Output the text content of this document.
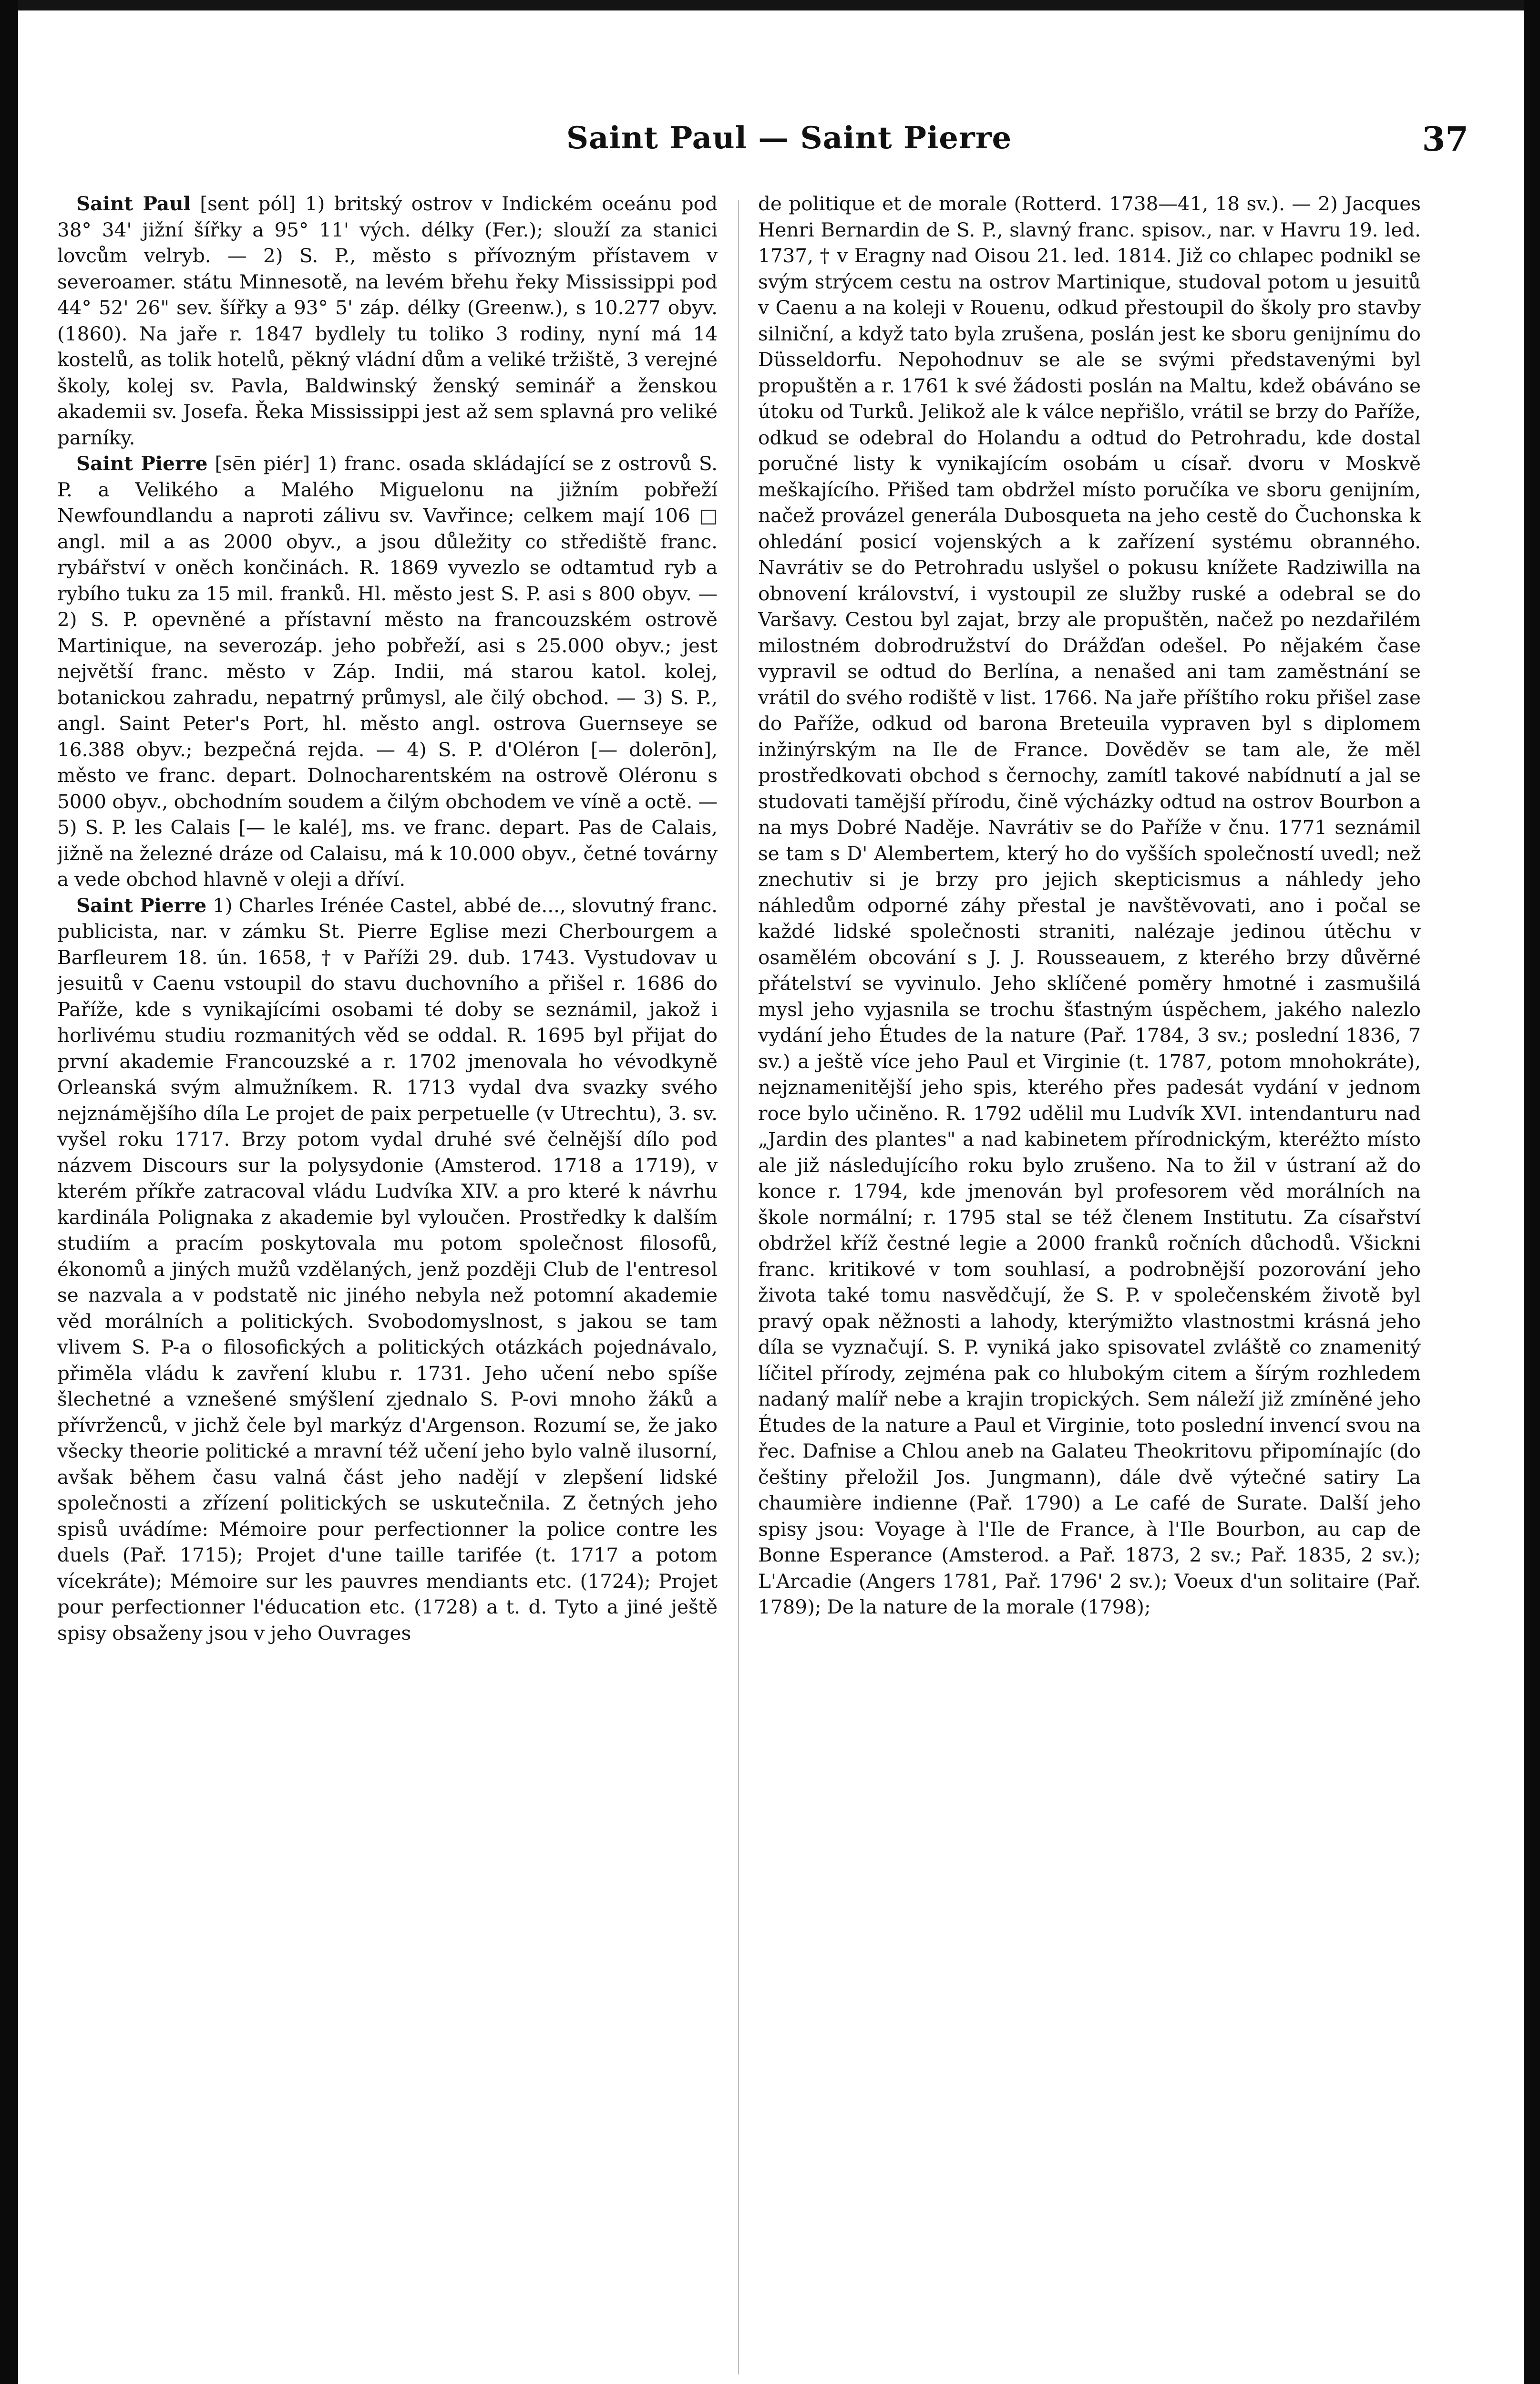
Saint Paul — Saint Pierre	37

Saint Paul [sent pól] 1) britský ostrov v Indickém oceánu pod 38° 34' jižní šířky a 95° 11' vých. délky (Fer.); slouží za stanici lovcům velryb. — 2) S. P., město s přívozným přístavem v severoamer. státu Minnesotě, na levém břehu řeky Mississippi pod 44° 52' 26" sev. šířky a 93° 5' záp. délky (Greenw.), s 10.277 obyv. (1860). Na jaře r. 1847 bydlely tu toliko 3 rodiny, nyní má 14 kostelů, as tolik hotelů, pěkný vládní dům a veliké tržiště, 3 verejné školy, kolej sv. Pavla, Baldwinský ženský seminář a ženskou akademii sv. Josefa. Řeka Mississippi jest až sem splavná pro veliké parníky.

Saint Pierre [sēn piér] 1) franc. osada skládající se z ostrovů S. P. a Velikého a Malého Miguelonu na jižním pobřeží Newfoundlandu a naproti zálivu sv. Vavřince; celkem mají 106 □ angl. mil a as 2000 obyv., a jsou důležity co střediště franc. rybářství v oněch končinách. R. 1869 vyvezlo se odtamtud ryb a rybího tuku za 15 mil. franků. Hl. město jest S. P. asi s 800 obyv. — 2) S. P. opevněné a přístavní město na francouzském ostrově Martinique, na severozáp. jeho pobřeží, asi s 25.000 obyv.; jest největší franc. město v Záp. Indii, má starou katol. kolej, botanickou zahradu, nepatrný průmysl, ale čilý obchod. — 3) S. P., angl. Saint Peter's Port, hl. město angl. ostrova Guernseye se 16.388 obyv.; bezpečná rejda. — 4) S. P. d'Oléron [— dolerōn], město ve franc. depart. Dolnocharentském na ostrově Oléronu s 5000 obyv., obchodním soudem a čilým obchodem ve víně a octě. — 5) S. P. les Calais [— le kalé], ms. ve franc. depart. Pas de Calais, jižně na železné dráze od Calaisu, má k 10.000 obyv., četné továrny a vede obchod hlavně v oleji a dříví.

Saint Pierre 1) Charles Irénée Castel, abbé de..., slovutný franc. publicista, nar. v zámku St. Pierre Eglise mezi Cherbourgem a Barfleurem 18. ún. 1658, † v Paříži 29. dub. 1743. Vystudovav u jesuitů v Caenu vstoupil do stavu duchovního a přišel r. 1686 do Paříže, kde s vynikajícími osobami té doby se seznámil, jakož i horlivému studiu rozmanitých věd se oddal. R. 1695 byl přijat do první akademie Francouzské a r. 1702 jmenovala ho vévodkyně Orleanská svým almužníkem. R. 1713 vydal dva svazky svého nejznámějšího díla Le projet de paix perpetuelle (v Utrechtu), 3. sv. vyšel roku 1717. Brzy potom vydal druhé své čelnější dílo pod názvem Discours sur la polysydonie (Amsterod. 1718 a 1719), v kterém příkře zatracoval vládu Ludvíka XIV. a pro které k návrhu kardinála Polignaka z akademie byl vyloučen. Prostředky k dalším studiím a pracím poskytovala mu potom společnost filosofů, ékonomů a jiných mužů vzdělaných, jenž později Club de l'entresol se nazvala a v podstatě nic jiného nebyla než potomní akademie věd morálních a politických. Svobodomyslnost, s jakou se tam vlivem S. P-a o filosofických a politických otázkách pojednávalo, přiměla vládu k zavření klubu r. 1731. Jeho učení nebo spíše šlechetné a vznešené smýšlení zjednalo S. P-ovi mnoho žáků a přívrženců, v jichž čele byl markýz d'Argenson. Rozumí se, že jako všecky theorie politické a mravní též učení jeho bylo valně ilusorní, avšak během času valná část jeho nadějí v zlepšení lidské společnosti a zřízení politických se uskutečnila. Z četných jeho spisů uvádíme: Mémoire pour perfectionner la police contre les duels (Pař. 1715); Projet d'une taille tarifée (t. 1717 a potom vícekráte); Mémoire sur les pauvres mendiants etc. (1724); Projet pour perfectionner l'éducation etc. (1728) a t. d. Tyto a jiné ještě spisy obsaženy jsou v jeho Ouvrages

de politique et de morale (Rotterd. 1738—41, 18 sv.). — 2) Jacques Henri Bernardin de S. P., slavný franc. spisov., nar. v Havru 19. led. 1737, † v Eragny nad Oisou 21. led. 1814. Již co chlapec podnikl se svým strýcem cestu na ostrov Martinique, studoval potom u jesuitů v Caenu a na koleji v Rouenu, odkud přestoupil do školy pro stavby silniční, a když tato byla zrušena, poslán jest ke sboru genijnímu do Düsseldorfu. Nepohodnuv se ale se svými představenými byl propuštěn a r. 1761 k své žádosti poslán na Maltu, kdež obáváno se útoku od Turků. Jelikož ale k válce nepřišlo, vrátil se brzy do Paříže, odkud se odebral do Holandu a odtud do Petrohradu, kde dostal poručné listy k vynikajícím osobám u císař. dvoru v Moskvě meškajícího. Přišed tam obdržel místo poručíka ve sboru genijním, načež provázel generála Dubosqueta na jeho cestě do Čuchonska k ohledání posicí vojenských a k zařízení systému obranného. Navrátiv se do Petrohradu uslyšel o pokusu knížete Radziwilla na obnovení království, i vystoupil ze služby ruské a odebral se do Varšavy. Cestou byl zajat, brzy ale propuštěn, načež po nezdařilém milostném dobrodružství do Drážďan odešel. Po nějakém čase vypravil se odtud do Berlína, a nenašed ani tam zaměstnání se vrátil do svého rodiště v list. 1766. Na jaře příštího roku přišel zase do Paříže, odkud od barona Breteuila vypraven byl s diplomem inžinýrským na Ile de France. Dověděv se tam ale, že měl prostředkovati obchod s černochy, zamítl takové nabídnutí a jal se studovati tamější přírodu, čině výcházky odtud na ostrov Bourbon a na mys Dobré Naděje. Navrátiv se do Paříže v čnu. 1771 seznámil se tam s D' Alembertem, který ho do vyšších společností uvedl; než znechutiv si je brzy pro jejich skepticismus a náhledy jeho náhledům odporné záhy přestal je navštěvovati, ano i počal se každé lidské společnosti straniti, nalézaje jedinou útěchu v osamělém obcování s J. J. Rousseauem, z kterého brzy důvěrné přátelství se vyvinulo. Jeho sklíčené poměry hmotné i zasmušilá mysl jeho vyjasnila se trochu šťastným úspěchem, jakého nalezlo vydání jeho Études de la nature (Pař. 1784, 3 sv.; poslední 1836, 7 sv.) a ještě více jeho Paul et Virginie (t. 1787, potom mnohokráte), nejznamenitější jeho spis, kterého přes padesát vydání v jednom roce bylo učiněno. R. 1792 udělil mu Ludvík XVI. intendanturu nad „Jardin des plantes" a nad kabinetem přírodnickým, kteréžto místo ale již následujícího roku bylo zrušeno. Na to žil v ústraní až do konce r. 1794, kde jmenován byl profesorem věd morálních na škole normální; r. 1795 stal se též členem Institutu. Za císařství obdržel kříž čestné legie a 2000 franků ročních důchodů. Všickni franc. kritikové v tom souhlasí, a podrobnější pozorování jeho života také tomu nasvědčují, že S. P. v společenském životě byl pravý opak něžnosti a lahody, kterýmižto vlastnostmi krásná jeho díla se vyznačují. S. P. vyniká jako spisovatel zvláště co znamenitý líčitel přírody, zejména pak co hlubokým citem a šírým rozhledem nadaný malíř nebe a krajin tropických. Sem náleží již zmíněné jeho Études de la nature a Paul et Virginie, toto poslední invencí svou na řec. Dafnise a Chlou aneb na Galateu Theokritovu připomínajíc (do češtiny přeložil Jos. Jungmann), dále dvě výtečné satiry La chaumière indienne (Pař. 1790) a Le café de Surate. Další jeho spisy jsou: Voyage à l'Ile de France, à l'Ile Bourbon, au cap de Bonne Esperance (Amsterod. a Pař. 1873, 2 sv.; Pař. 1835, 2 sv.); L'Arcadie (Angers 1781, Pař. 1796' 2 sv.); Voeux d'un solitaire (Pař. 1789); De la nature de la morale (1798);
